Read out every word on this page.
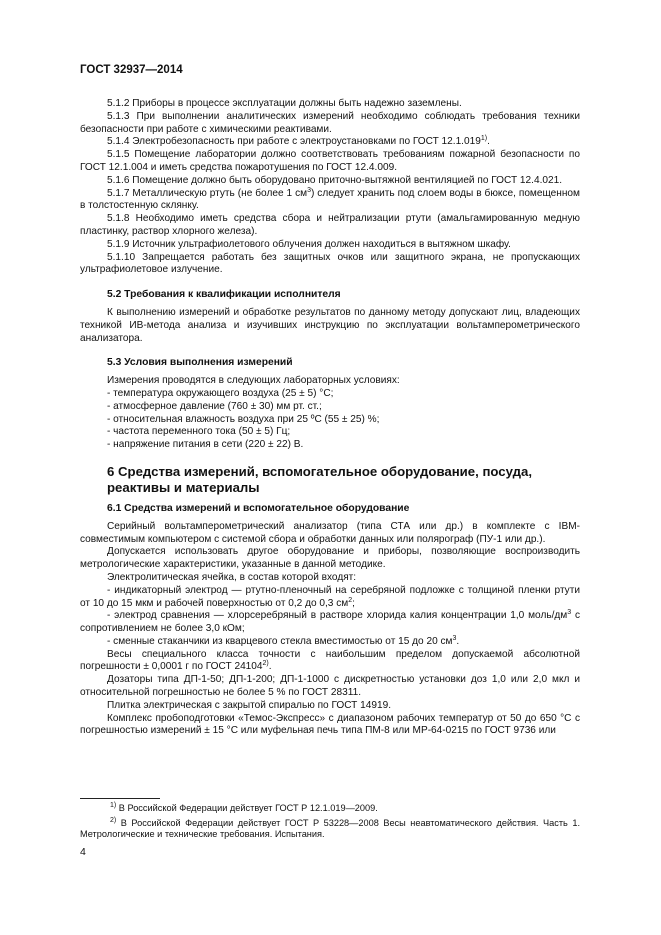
ГОСТ 32937—2014

5.1.2 Приборы в процессе эксплуатации должны быть надежно заземлены.

5.1.3 При выполнении аналитических измерений необходимо соблюдать требования техники безопасности при работе с химическими реактивами.

5.1.4 Электробезопасность при работе с электроустановками по ГОСТ 12.1.019$^{1)}$.

5.1.5 Помещение лаборатории должно соответствовать требованиям пожарной безопасности по ГОСТ 12.1.004 и иметь средства пожаротушения по ГОСТ 12.4.009.

5.1.6 Помещение должно быть оборудовано приточно-вытяжной вентиляцией по ГОСТ 12.4.021.

5.1.7 Металлическую ртуть (не более 1 $см^3$) следует хранить под слоем воды в бюксе, помещенном в толстостенную склянку.

5.1.8 Необходимо иметь средства сбора и нейтрализации ртути (амальгамированную медную пластинку, раствор хлорного железа).

5.1.9 Источник ультрафиолетового облучения должен находиться в вытяжном шкафу.

5.1.10 Запрещается работать без защитных очков или защитного экрана, не пропускающих ультрафиолетовое излучение.

5.2 Требования к квалификации исполнителя

К выполнению измерений и обработке результатов по данному методу допускают лиц, владеющих техникой ИВ-метода анализа и изучивших инструкцию по эксплуатации вольтамперометрического анализатора.

5.3 Условия выполнения измерений

Измерения проводятся в следующих лабораторных условиях:

- температура окружающего воздуха (25 ± 5) °С;

- атмосферное давление (760 ± 30) мм рт. ст.;

- относительная влажность воздуха при 25 ºС (55 ± 25) %;

- частота переменного тока (50 ± 5) Гц;

- напряжение питания в сети (220 ± 22) В.

6 Средства измерений, вспомогательное оборудование, посуда, реактивы и материалы

6.1 Средства измерений и вспомогательное оборудование

Серийный вольтамперометрический анализатор (типа СТА или др.) в комплекте с IBM-совместимым компьютером с системой сбора и обработки данных или полярограф (ПУ-1 или др.).

Допускается использовать другое оборудование и приборы, позволяющие воспроизводить метрологические характеристики, указанные в данной методике.

Электролитическая ячейка, в состав которой входят:

- индикаторный электрод — ртутно-пленочный на серебряной подложке с толщиной пленки ртути от 10 до 15 мкм и рабочей поверхностью от 0,2 до 0,3 $см^2$;

- электрод сравнения — хлорсеребряный в растворе хлорида калия концентрации 1,0 моль/$дм^3$ с сопротивлением не более 3,0 кОм;

- сменные стаканчики из кварцевого стекла вместимостью от 15 до 20 $см^3$.

Весы специального класса точности с наибольшим пределом допускаемой абсолютной погрешности ± 0,0001 г по ГОСТ 24104$^{2)}$.

Дозаторы типа ДП-1-50; ДП-1-200; ДП-1-1000 с дискретностью установки доз 1,0 или 2,0 мкл и относительной погрешностью не более 5 % по ГОСТ 28311.

Плитка электрическая с закрытой спиралью по ГОСТ 14919.

Комплекс пробоподготовки «Темос-Экспресс» с диапазоном рабочих температур от 50 до 650 °С с погрешностью измерений ± 15 °С или муфельная печь типа ПМ-8 или МР-64-0215 по ГОСТ 9736 или

$^{1)}$ В Российской Федерации действует ГОСТ Р 12.1.019—2009.

$^{2)}$ В Российской Федерации действует ГОСТ Р 53228—2008 Весы неавтоматического действия. Часть 1. Метрологические и технические требования. Испытания.

4
